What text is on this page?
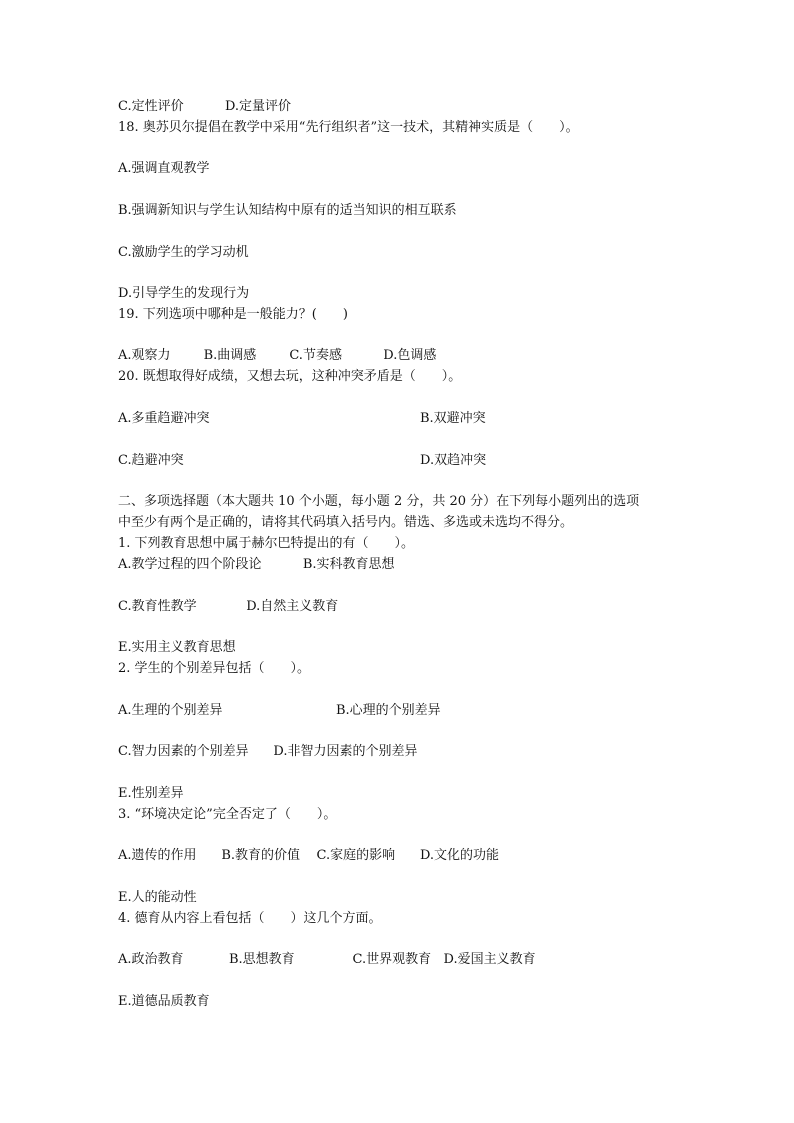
C.定性评价          D.定量评价
18. 奥苏贝尔提倡在教学中采用“先行组织者”这一技术，其精神实质是（　　）。
A.强调直观教学
B.强调新知识与学生认知结构中原有的适当知识的相互联系
C.激励学生的学习动机
D.引导学生的发现行为
19. 下列选项中哪种是一般能力？(　　)
A.观察力        B.曲调感        C.节奏感          D.色调感
20. 既想取得好成绩，又想去玩，这种冲突矛盾是（　　）。
A.多重趋避冲突	B.双避冲突
C.趋避冲突	D.双趋冲突
二、多项选择题（本大题共 10 个小题，每小题 2 分，共 20 分）在下列每小题列出的选项
中至少有两个是正确的，请将其代码填入括号内。错选、多选或未选均不得分。
1. 下列教育思想中属于赫尔巴特提出的有（　　）。
A.教学过程的四个阶段论          B.实科教育思想
C.教育性教学            D.自然主义教育
E.实用主义教育思想
2. 学生的个别差异包括（　　）。
A.生理的个别差异	B.心理的个别差异
C.智力因素的个别差异      D.非智力因素的个别差异
E.性别差异
3. “环境决定论”完全否定了（　　）。
A.遗传的作用      B.教育的价值    C.家庭的影响      D.文化的功能
E.人的能动性
4. 德育从内容上看包括（　　）这几个方面。
A.政治教育           B.思想教育              C.世界观教育   D.爱国主义教育
E.道德品质教育
